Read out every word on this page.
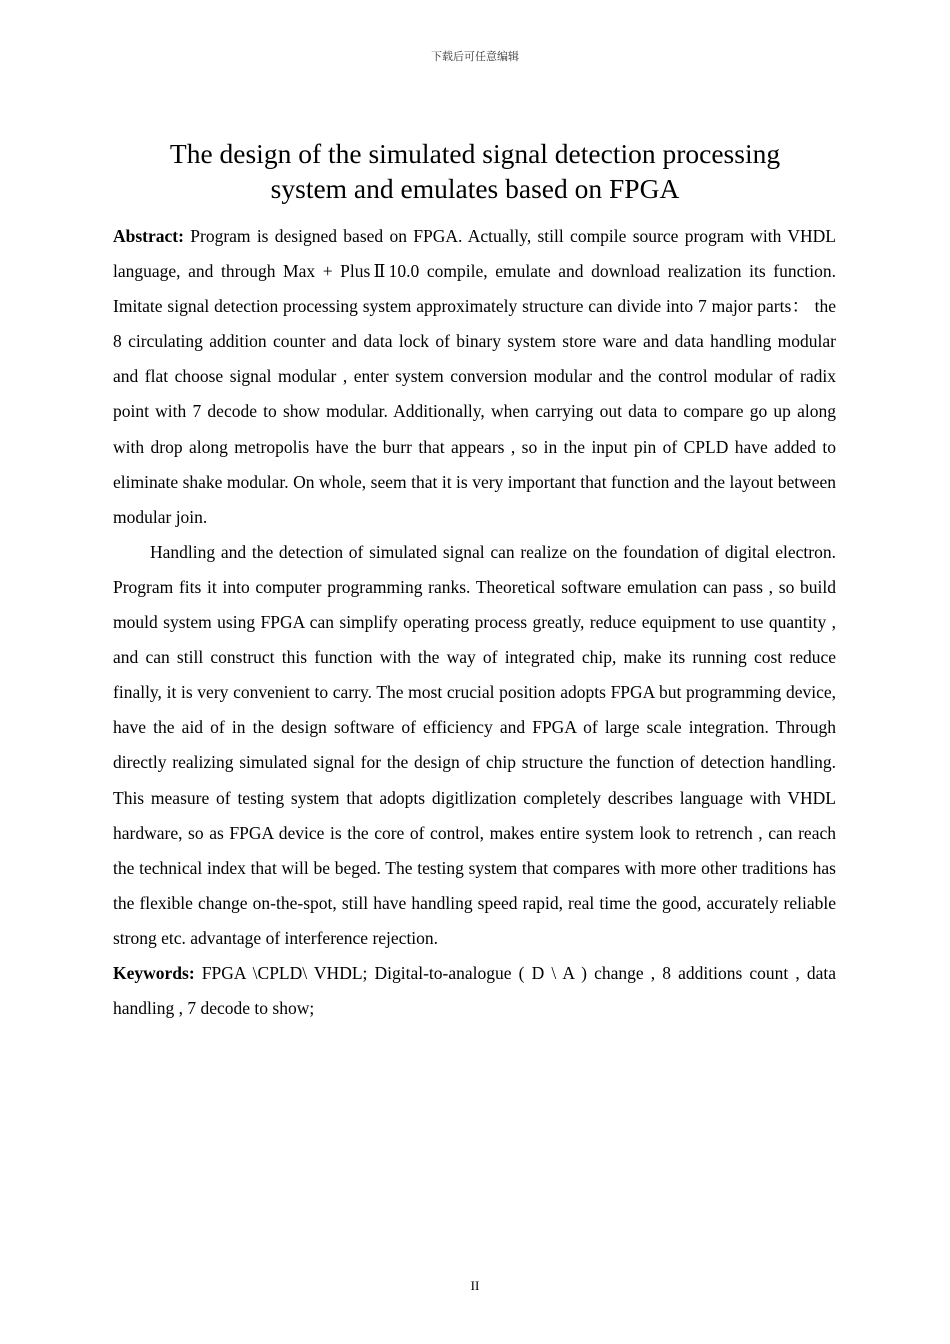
下载后可任意编辑
The design of the simulated signal detection processing
system and emulates based on FPGA

Abstract: Program is designed based on FPGA. Actually, still compile source program with VHDL language, and through Max + PlusⅡ10.0 compile, emulate and download realization its function. Imitate signal detection processing system approximately structure can divide into 7 major parts： the 8 circulating addition counter and data lock of binary system store ware and data handling modular and flat choose signal modular , enter system conversion modular and the control modular of radix point with 7 decode to show modular. Additionally, when carrying out data to compare go up along with drop along metropolis have the burr that appears , so in the input pin of CPLD have added to eliminate shake modular. On whole, seem that it is very important that function and the layout between modular join.

Handling and the detection of simulated signal can realize on the foundation of digital electron. Program fits it into computer programming ranks. Theoretical software emulation can pass , so build mould system using FPGA can simplify operating process greatly, reduce equipment to use quantity , and can still construct this function with the way of integrated chip, make its running cost reduce finally, it is very convenient to carry. The most crucial position adopts FPGA but programming device, have the aid of in the design software of efficiency and FPGA of large scale integration. Through directly realizing simulated signal for the design of chip structure the function of detection handling. This measure of testing system that adopts digitlization completely describes language with VHDL hardware, so as FPGA device is the core of control, makes entire system look to retrench , can reach the technical index that will be beged. The testing system that compares with more other traditions has the flexible change on-the-spot, still have handling speed rapid, real time the good, accurately reliable strong etc. advantage of interference rejection.

Keywords: FPGA \CPLD\ VHDL; Digital-to-analogue ( D \ A ) change , 8 additions count , data handling , 7 decode to show;

II
